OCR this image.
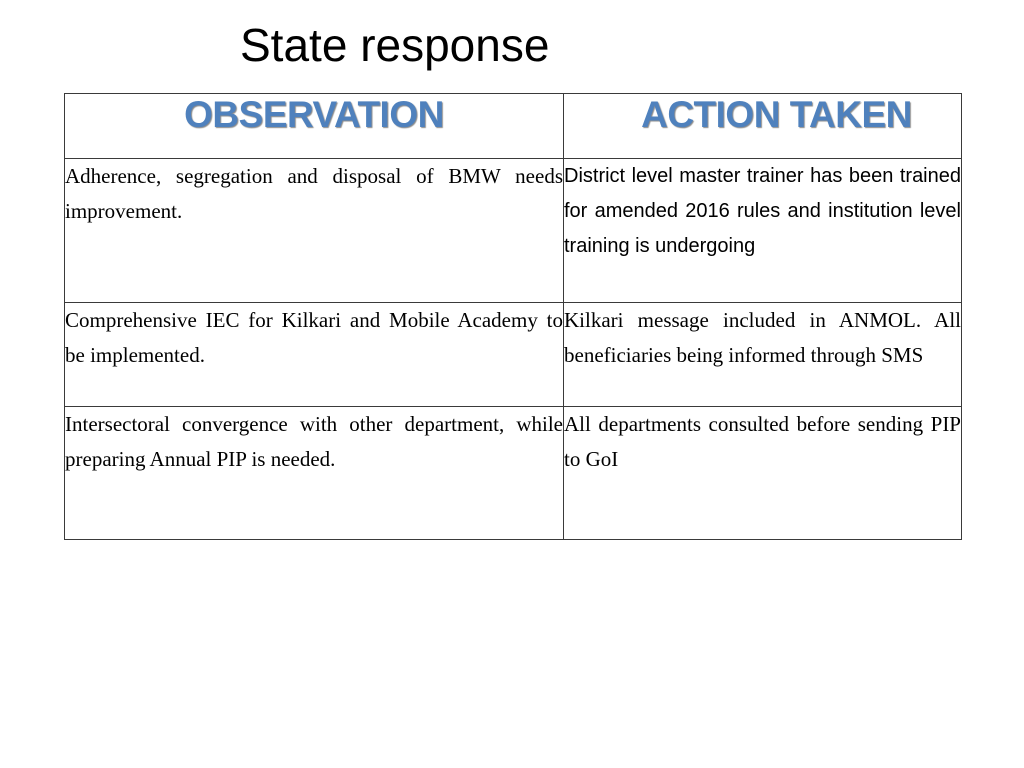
State response
OBSERVATION	ACTION TAKEN
Adherence, segregation and disposal of BMW needs improvement.	District level master trainer has been trained for amended 2016 rules and institution level training is undergoing
Comprehensive IEC for Kilkari and Mobile Academy to be implemented.	Kilkari message included in ANMOL. All beneficiaries being informed through SMS
Intersectoral convergence with other department, while preparing Annual PIP is needed.	All departments consulted before sending PIP to GoI
